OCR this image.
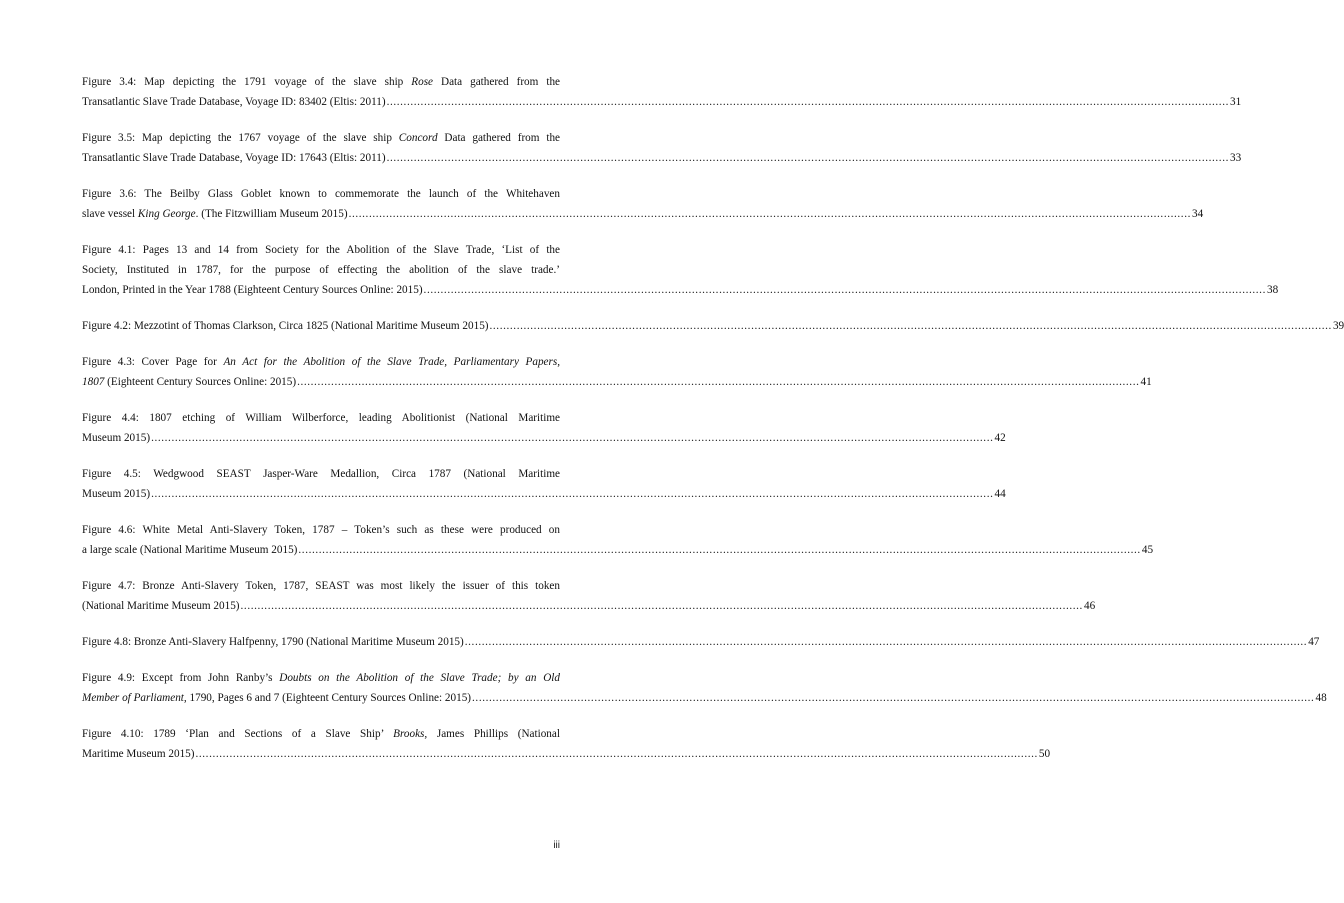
Figure 3.4: Map depicting the 1791 voyage of the slave ship Rose Data gathered from the
Transatlantic Slave Trade Database, Voyage ID: 83402 (Eltis: 2011) .....	31
Figure 3.5: Map depicting the 1767 voyage of the slave ship Concord Data gathered from the
Transatlantic Slave Trade Database, Voyage ID: 17643 (Eltis: 2011) .....	33
Figure 3.6: The Beilby Glass Goblet known to commemorate the launch of the Whitehaven
slave vessel King George. (The Fitzwilliam Museum 2015) .....	34
Figure 4.1: Pages 13 and 14 from Society for the Abolition of the Slave Trade, ‘List of the
Society, Instituted in 1787, for the purpose of effecting the abolition of the slave trade.’
London, Printed in the Year 1788 (Eighteent Century Sources Online: 2015) .....	38
Figure 4.2: Mezzotint of Thomas Clarkson, Circa 1825 (National Maritime Museum 2015) .....	39
Figure 4.3: Cover Page for An Act for the Abolition of the Slave Trade, Parliamentary Papers,
1807 (Eighteent Century Sources Online: 2015) .....	41
Figure 4.4: 1807 etching of William Wilberforce, leading Abolitionist (National Maritime
Museum 2015) .....	42
Figure 4.5: Wedgwood SEAST Jasper-Ware Medallion, Circa 1787 (National Maritime
Museum 2015) .....	44
Figure 4.6: White Metal Anti-Slavery Token, 1787 – Token’s such as these were produced on
a large scale (National Maritime Museum 2015) .....	45
Figure 4.7: Bronze Anti-Slavery Token, 1787, SEAST was most likely the issuer of this token
(National Maritime Museum 2015) .....	46
Figure 4.8: Bronze Anti-Slavery Halfpenny, 1790 (National Maritime Museum 2015) .....	47
Figure 4.9: Except from John Ranby’s Doubts on the Abolition of the Slave Trade; by an Old
Member of Parliament, 1790, Pages 6 and 7 (Eighteent Century Sources Online: 2015) .....	48
Figure 4.10: 1789 ‘Plan and Sections of a Slave Ship’ Brooks, James Phillips (National
Maritime Museum 2015) .....	50
iii
